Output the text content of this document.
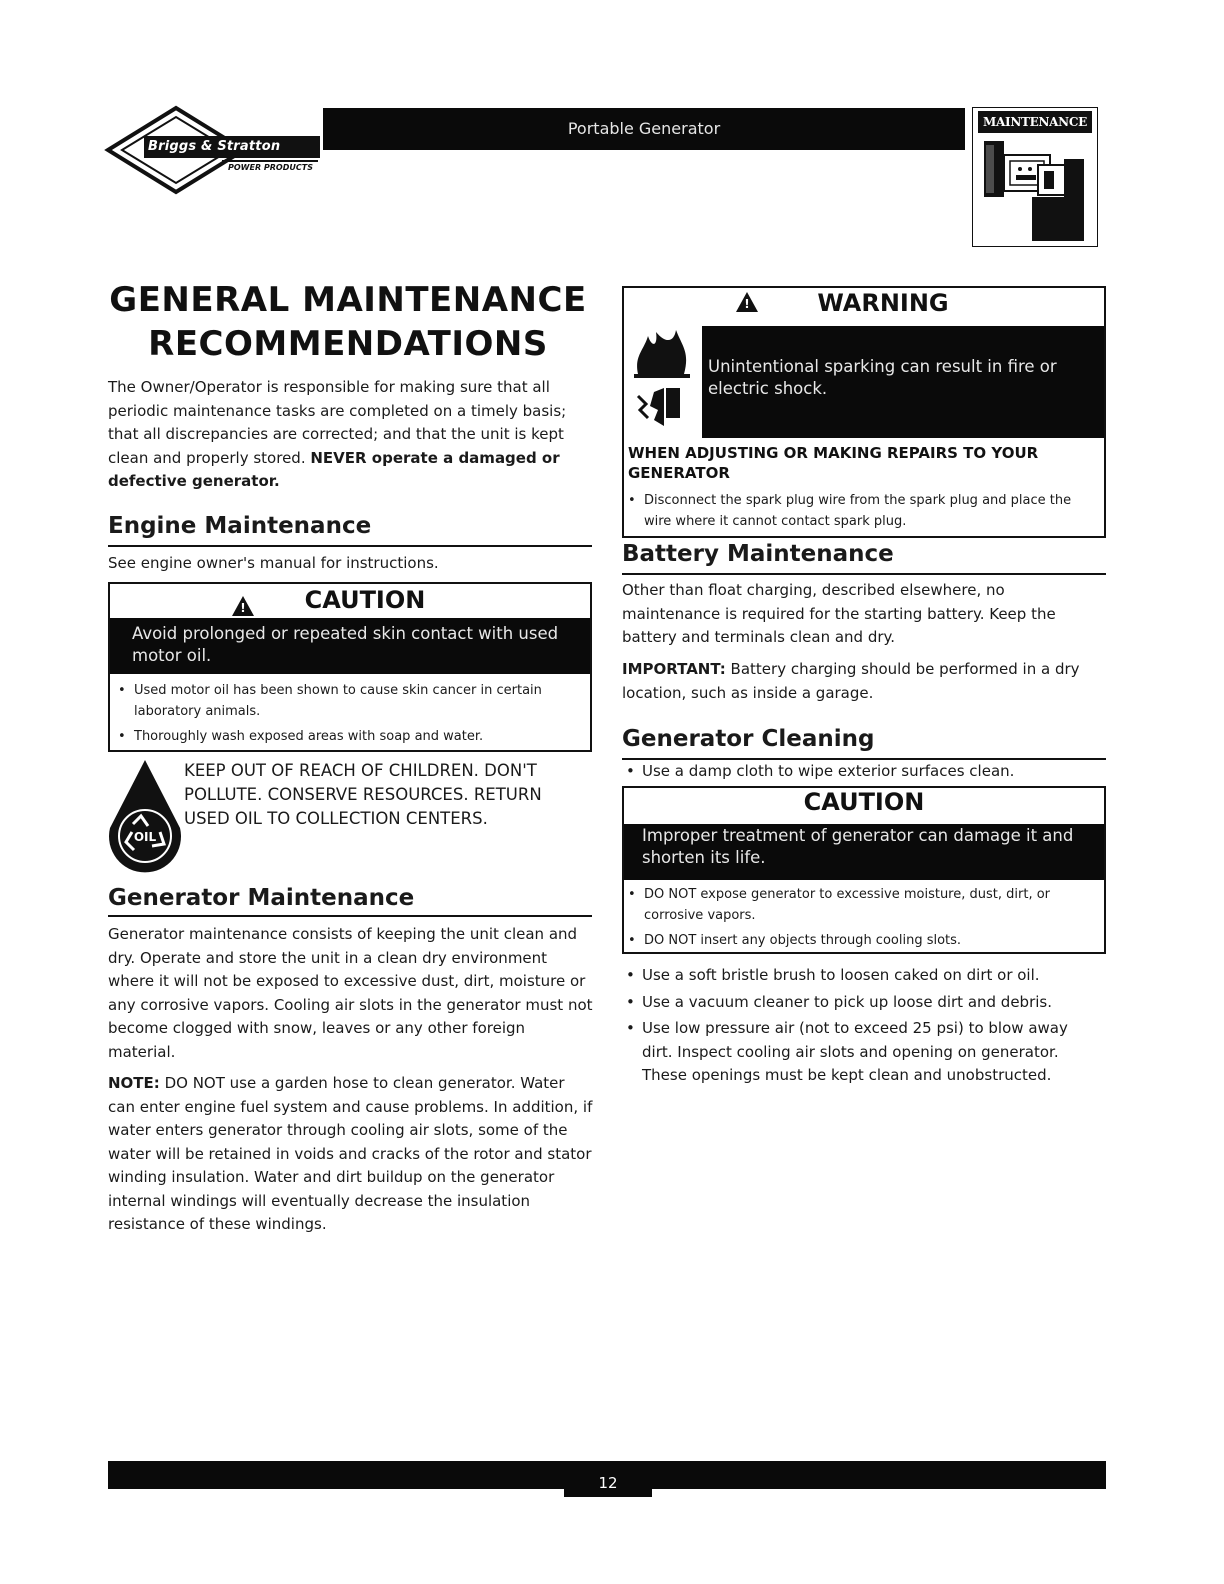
Briggs & Stratton
POWER PRODUCTS
Portable Generator	MAINTENANCE
GENERAL MAINTENANCE
RECOMMENDATIONS
The Owner/Operator is responsible for making sure that all periodic maintenance tasks are completed on a timely basis; that all discrepancies are corrected; and that the unit is kept clean and properly stored. NEVER operate a damaged or defective generator.
Engine Maintenance
See engine owner's manual for instructions.
!	CAUTION
Avoid prolonged or repeated skin contact with used motor oil.
• Used motor oil has been shown to cause skin cancer in certain laboratory animals.
• Thoroughly wash exposed areas with soap and water.
OIL
KEEP OUT OF REACH OF CHILDREN. DON'T POLLUTE. CONSERVE RESOURCES. RETURN USED OIL TO COLLECTION CENTERS.
Generator Maintenance
Generator maintenance consists of keeping the unit clean and dry. Operate and store the unit in a clean dry environment where it will not be exposed to excessive dust, dirt, moisture or any corrosive vapors. Cooling air slots in the generator must not become clogged with snow, leaves or any other foreign material.
NOTE: DO NOT use a garden hose to clean generator. Water can enter engine fuel system and cause problems. In addition, if water enters generator through cooling air slots, some of the water will be retained in voids and cracks of the rotor and stator winding insulation. Water and dirt buildup on the generator internal windings will eventually decrease the insulation resistance of these windings.
!	WARNING
Unintentional sparking can result in fire or electric shock.
WHEN ADJUSTING OR MAKING REPAIRS TO YOUR GENERATOR
• Disconnect the spark plug wire from the spark plug and place the wire where it cannot contact spark plug.
Battery Maintenance
Other than float charging, described elsewhere, no maintenance is required for the starting battery. Keep the battery and terminals clean and dry.
IMPORTANT: Battery charging should be performed in a dry location, such as inside a garage.
Generator Cleaning
• Use a damp cloth to wipe exterior surfaces clean.
CAUTION
Improper treatment of generator can damage it and shorten its life.
• DO NOT expose generator to excessive moisture, dust, dirt, or corrosive vapors.
• DO NOT insert any objects through cooling slots.
• Use a soft bristle brush to loosen caked on dirt or oil.
• Use a vacuum cleaner to pick up loose dirt and debris.
• Use low pressure air (not to exceed 25 psi) to blow away dirt. Inspect cooling air slots and opening on generator. These openings must be kept clean and unobstructed.
12
